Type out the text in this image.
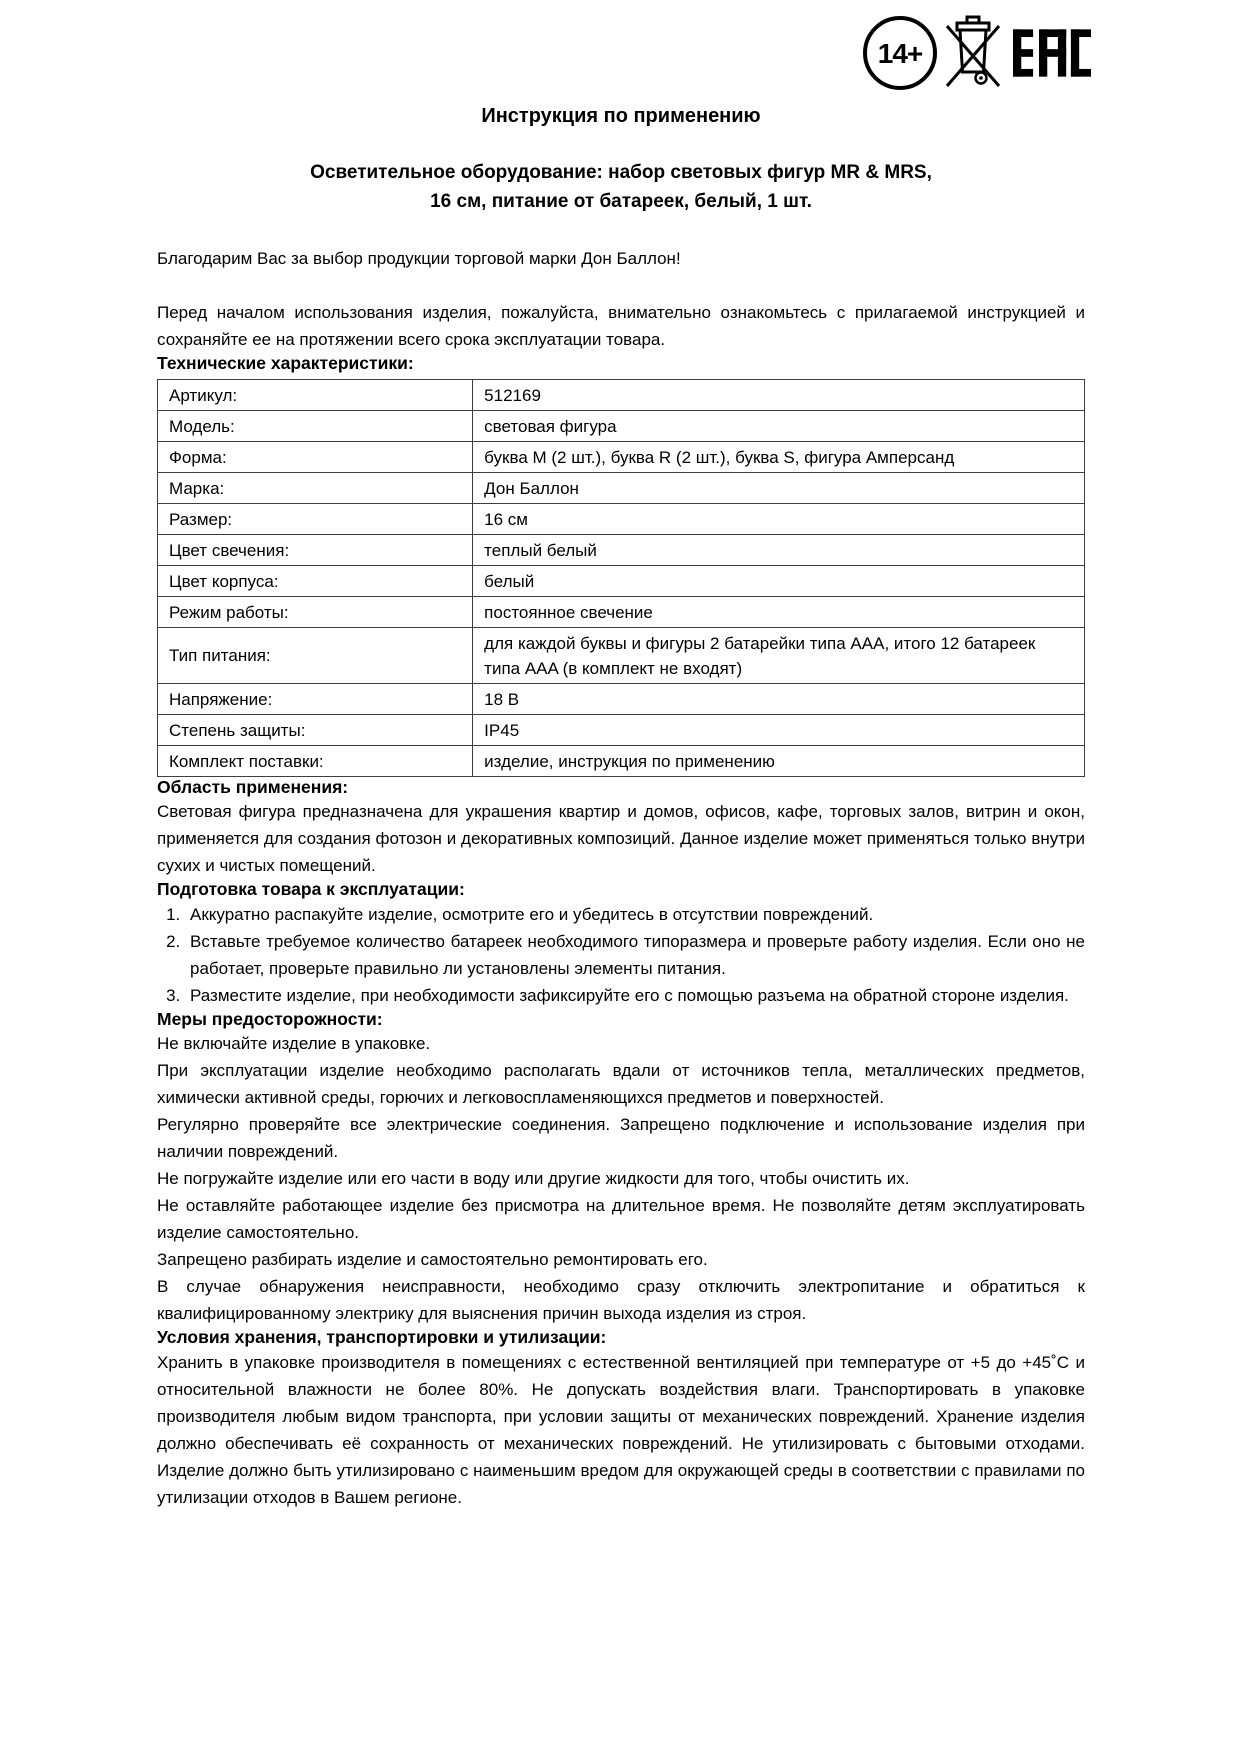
14+
Инструкция по применению
Осветительное оборудование: набор световых фигур MR & MRS,
16 см, питание от батареек, белый, 1 шт.

Благодарим Вас за выбор продукции торговой марки Дон Баллон!

Перед началом использования изделия, пожалуйста, внимательно ознакомьтесь с прилагаемой инструкцией и сохраняйте ее на протяжении всего срока эксплуатации товара.

Технические характеристики:
Артикул:	512169
Модель:	световая фигура
Форма:	буква M (2 шт.), буква R (2 шт.), буква S, фигура Амперсанд
Марка:	Дон Баллон
Размер:	16 см
Цвет свечения:	теплый белый
Цвет корпуса:	белый
Режим работы:	постоянное свечение
Тип питания:	для каждой буквы и фигуры 2 батарейки типа AAA, итого 12 батареек типа AAA (в комплект не входят)
Напряжение:	18 В
Степень защиты:	IP45
Комплект поставки:	изделие, инструкция по применению
Область применения:

Световая фигура предназначена для украшения квартир и домов, офисов, кафе, торговых залов, витрин и окон, применяется для создания фотозон и декоративных композиций. Данное изделие может применяться только внутри сухих и чистых помещений.

Подготовка товара к эксплуатации:
1. Аккуратно распакуйте изделие, осмотрите его и убедитесь в отсутствии повреждений.
2. Вставьте требуемое количество батареек необходимого типоразмера и проверьте работу изделия. Если оно не работает, проверьте правильно ли установлены элементы питания.
3. Разместите изделие, при необходимости зафиксируйте его с помощью разъема на обратной стороне изделия.
Меры предосторожности:

Не включайте изделие в упаковке.

При эксплуатации изделие необходимо располагать вдали от источников тепла, металлических предметов, химически активной среды, горючих и легковоспламеняющихся предметов и поверхностей.

Регулярно проверяйте все электрические соединения. Запрещено подключение и использование изделия при наличии повреждений.

Не погружайте изделие или его части в воду или другие жидкости для того, чтобы очистить их.

Не оставляйте работающее изделие без присмотра на длительное время. Не позволяйте детям эксплуатировать изделие самостоятельно.

Запрещено разбирать изделие и самостоятельно ремонтировать его.

В случае обнаружения неисправности, необходимо сразу отключить электропитание и обратиться к квалифицированному электрику для выяснения причин выхода изделия из строя.

Условия хранения, транспортировки и утилизации:

Хранить в упаковке производителя в помещениях с естественной вентиляцией при температуре от +5 до +45˚С и относительной влажности не более 80%. Не допускать воздействия влаги. Транспортировать в упаковке производителя любым видом транспорта, при условии защиты от механических повреждений. Хранение изделия должно обеспечивать её сохранность от механических повреждений. Не утилизировать с бытовыми отходами. Изделие должно быть утилизировано с наименьшим вредом для окружающей среды в соответствии с правилами по утилизации отходов в Вашем регионе.
